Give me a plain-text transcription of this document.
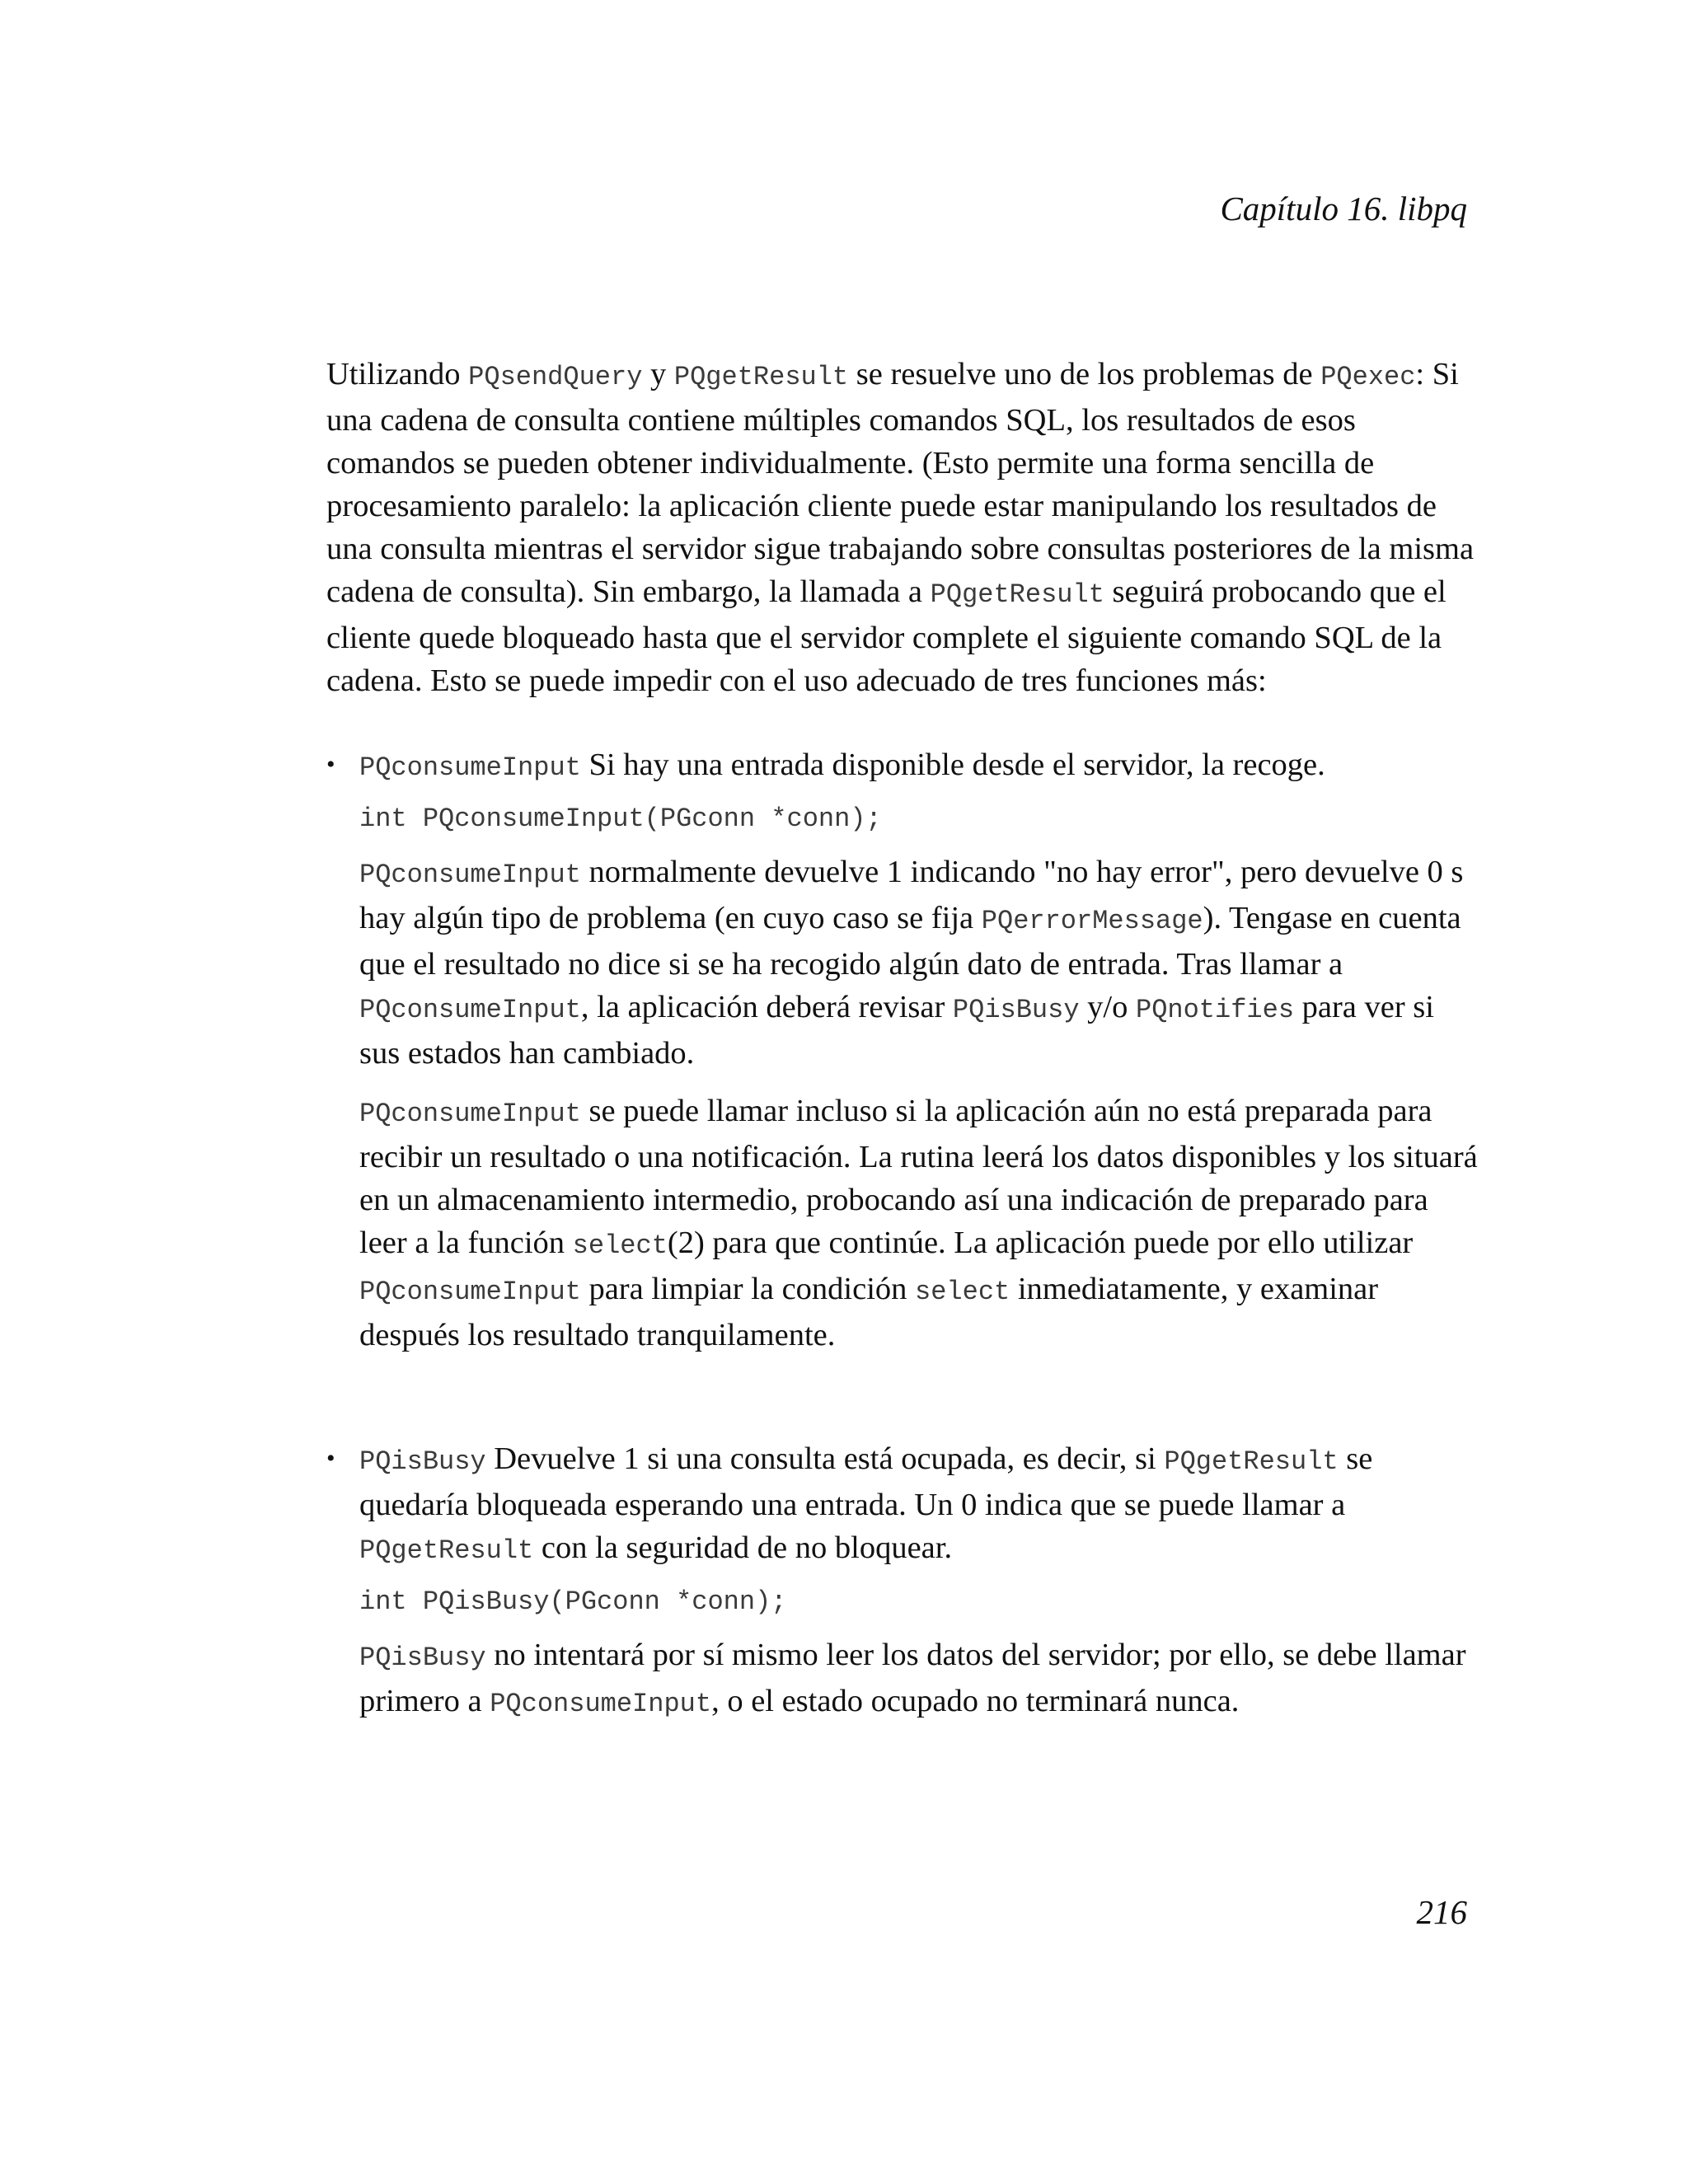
Capítulo 16. libpq

Utilizando PQsendQuery y PQgetResult se resuelve uno de los problemas de PQexec: Si una cadena de consulta contiene múltiples comandos SQL, los resultados de esos comandos se pueden obtener individualmente. (Esto permite una forma sencilla de procesamiento paralelo: la aplicación cliente puede estar manipulando los resultados de una consulta mientras el servidor sigue trabajando sobre consultas posteriores de la misma cadena de consulta). Sin embargo, la llamada a PQgetResult seguirá probocando que el cliente quede bloqueado hasta que el servidor complete el siguiente comando SQL de la cadena. Esto se puede impedir con el uso adecuado de tres funciones más:

• PQconsumeInput Si hay una entrada disponible desde el servidor, la recoge.

int PQconsumeInput(PGconn *conn);

PQconsumeInput normalmente devuelve 1 indicando "no hay error", pero devuelve 0 s hay algún tipo de problema (en cuyo caso se fija PQerrorMessage). Tengase en cuenta que el resultado no dice si se ha recogido algún dato de entrada. Tras llamar a PQconsumeInput, la aplicación deberá revisar PQisBusy y/o PQnotifies para ver si sus estados han cambiado.

PQconsumeInput se puede llamar incluso si la aplicación aún no está preparada para recibir un resultado o una notificación. La rutina leerá los datos disponibles y los situará en un almacenamiento intermedio, probocando así una indicación de preparado para leer a la función select(2) para que continúe. La aplicación puede por ello utilizar PQconsumeInput para limpiar la condición select inmediatamente, y examinar después los resultado tranquilamente.

• PQisBusy Devuelve 1 si una consulta está ocupada, es decir, si PQgetResult se quedaría bloqueada esperando una entrada. Un 0 indica que se puede llamar a PQgetResult con la seguridad de no bloquear.

int PQisBusy(PGconn *conn);

PQisBusy no intentará por sí mismo leer los datos del servidor; por ello, se debe llamar primero a PQconsumeInput, o el estado ocupado no terminará nunca.

216
